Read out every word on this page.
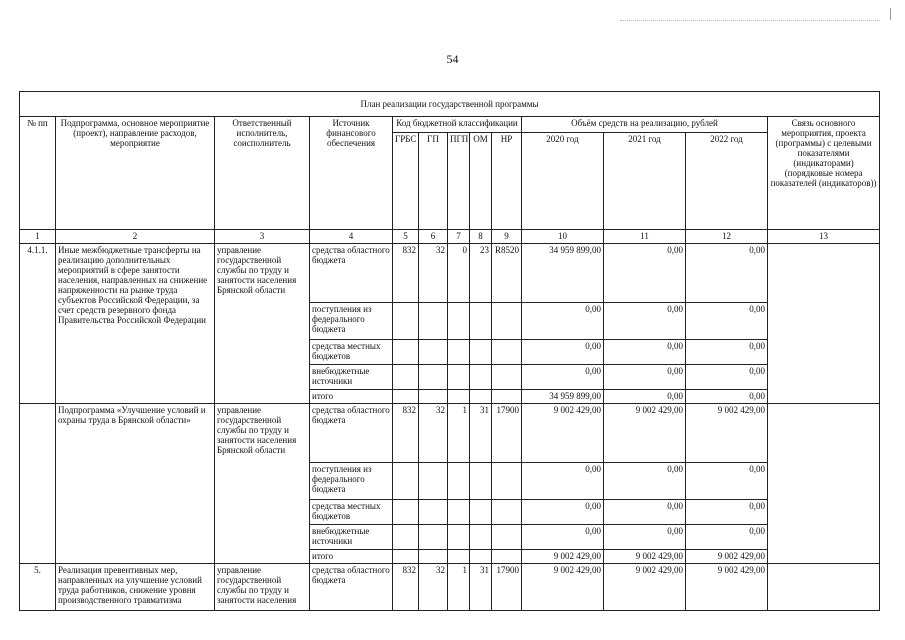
54
План реализации государственной программы												
№ пп	Подпрограмма, основное мероприятие (проект), направление расходов, мероприятие	Ответственный исполнитель, соисполнитель	Источник финансового обеспечения	Код бюджетной классификации					Объём средств на реализацию, рублей			Связь основного мероприятия, проекта (программы) с целевыми показателями (индикаторами) (порядковые номера показателей (индикаторов))
				ГРБС	ГП	ПГП	ОМ	НР	2020 год	2021 год	2022 год	
1	2	3	4	5	6	7	8	9	10	11	12	13
4.1.1.	Иные межбюджетные трансферты на реализацию дополнительных мероприятий в сфере занятости населения, направленных на снижение напряженности на рынке труда субъектов Российской Федерации, за счет средств резервного фонда Правительства Российской Федерации	управление государственной службы по труду и занятости населения Брянской области	средства областного бюджета	832	32	0	23	R8520	34 959 899,00	0,00	0,00	
			поступления из федерального бюджета						0,00	0,00	0,00	
			средства местных бюджетов						0,00	0,00	0,00	
			внебюджетные источники						0,00	0,00	0,00	
			итого						34 959 899,00	0,00	0,00	
	Подпрограмма «Улучшение условий и охраны труда в Брянской области»	управление государственной службы по труду и занятости населения Брянской области	средства областного бюджета	832	32	1	31	17900	9 002 429,00	9 002 429,00	9 002 429,00	
			поступления из федерального бюджета						0,00	0,00	0,00	
			средства местных бюджетов						0,00	0,00	0,00	
			внебюджетные источники						0,00	0,00	0,00	
			итого						9 002 429,00	9 002 429,00	9 002 429,00	
5.	Реализация превентивных мер, направленных на улучшение условий труда работников, снижение уровня производственного травматизма	управление государственной службы по труду и занятости населения	средства областного бюджета	832	32	1	31	17900	9 002 429,00	9 002 429,00	9 002 429,00	
